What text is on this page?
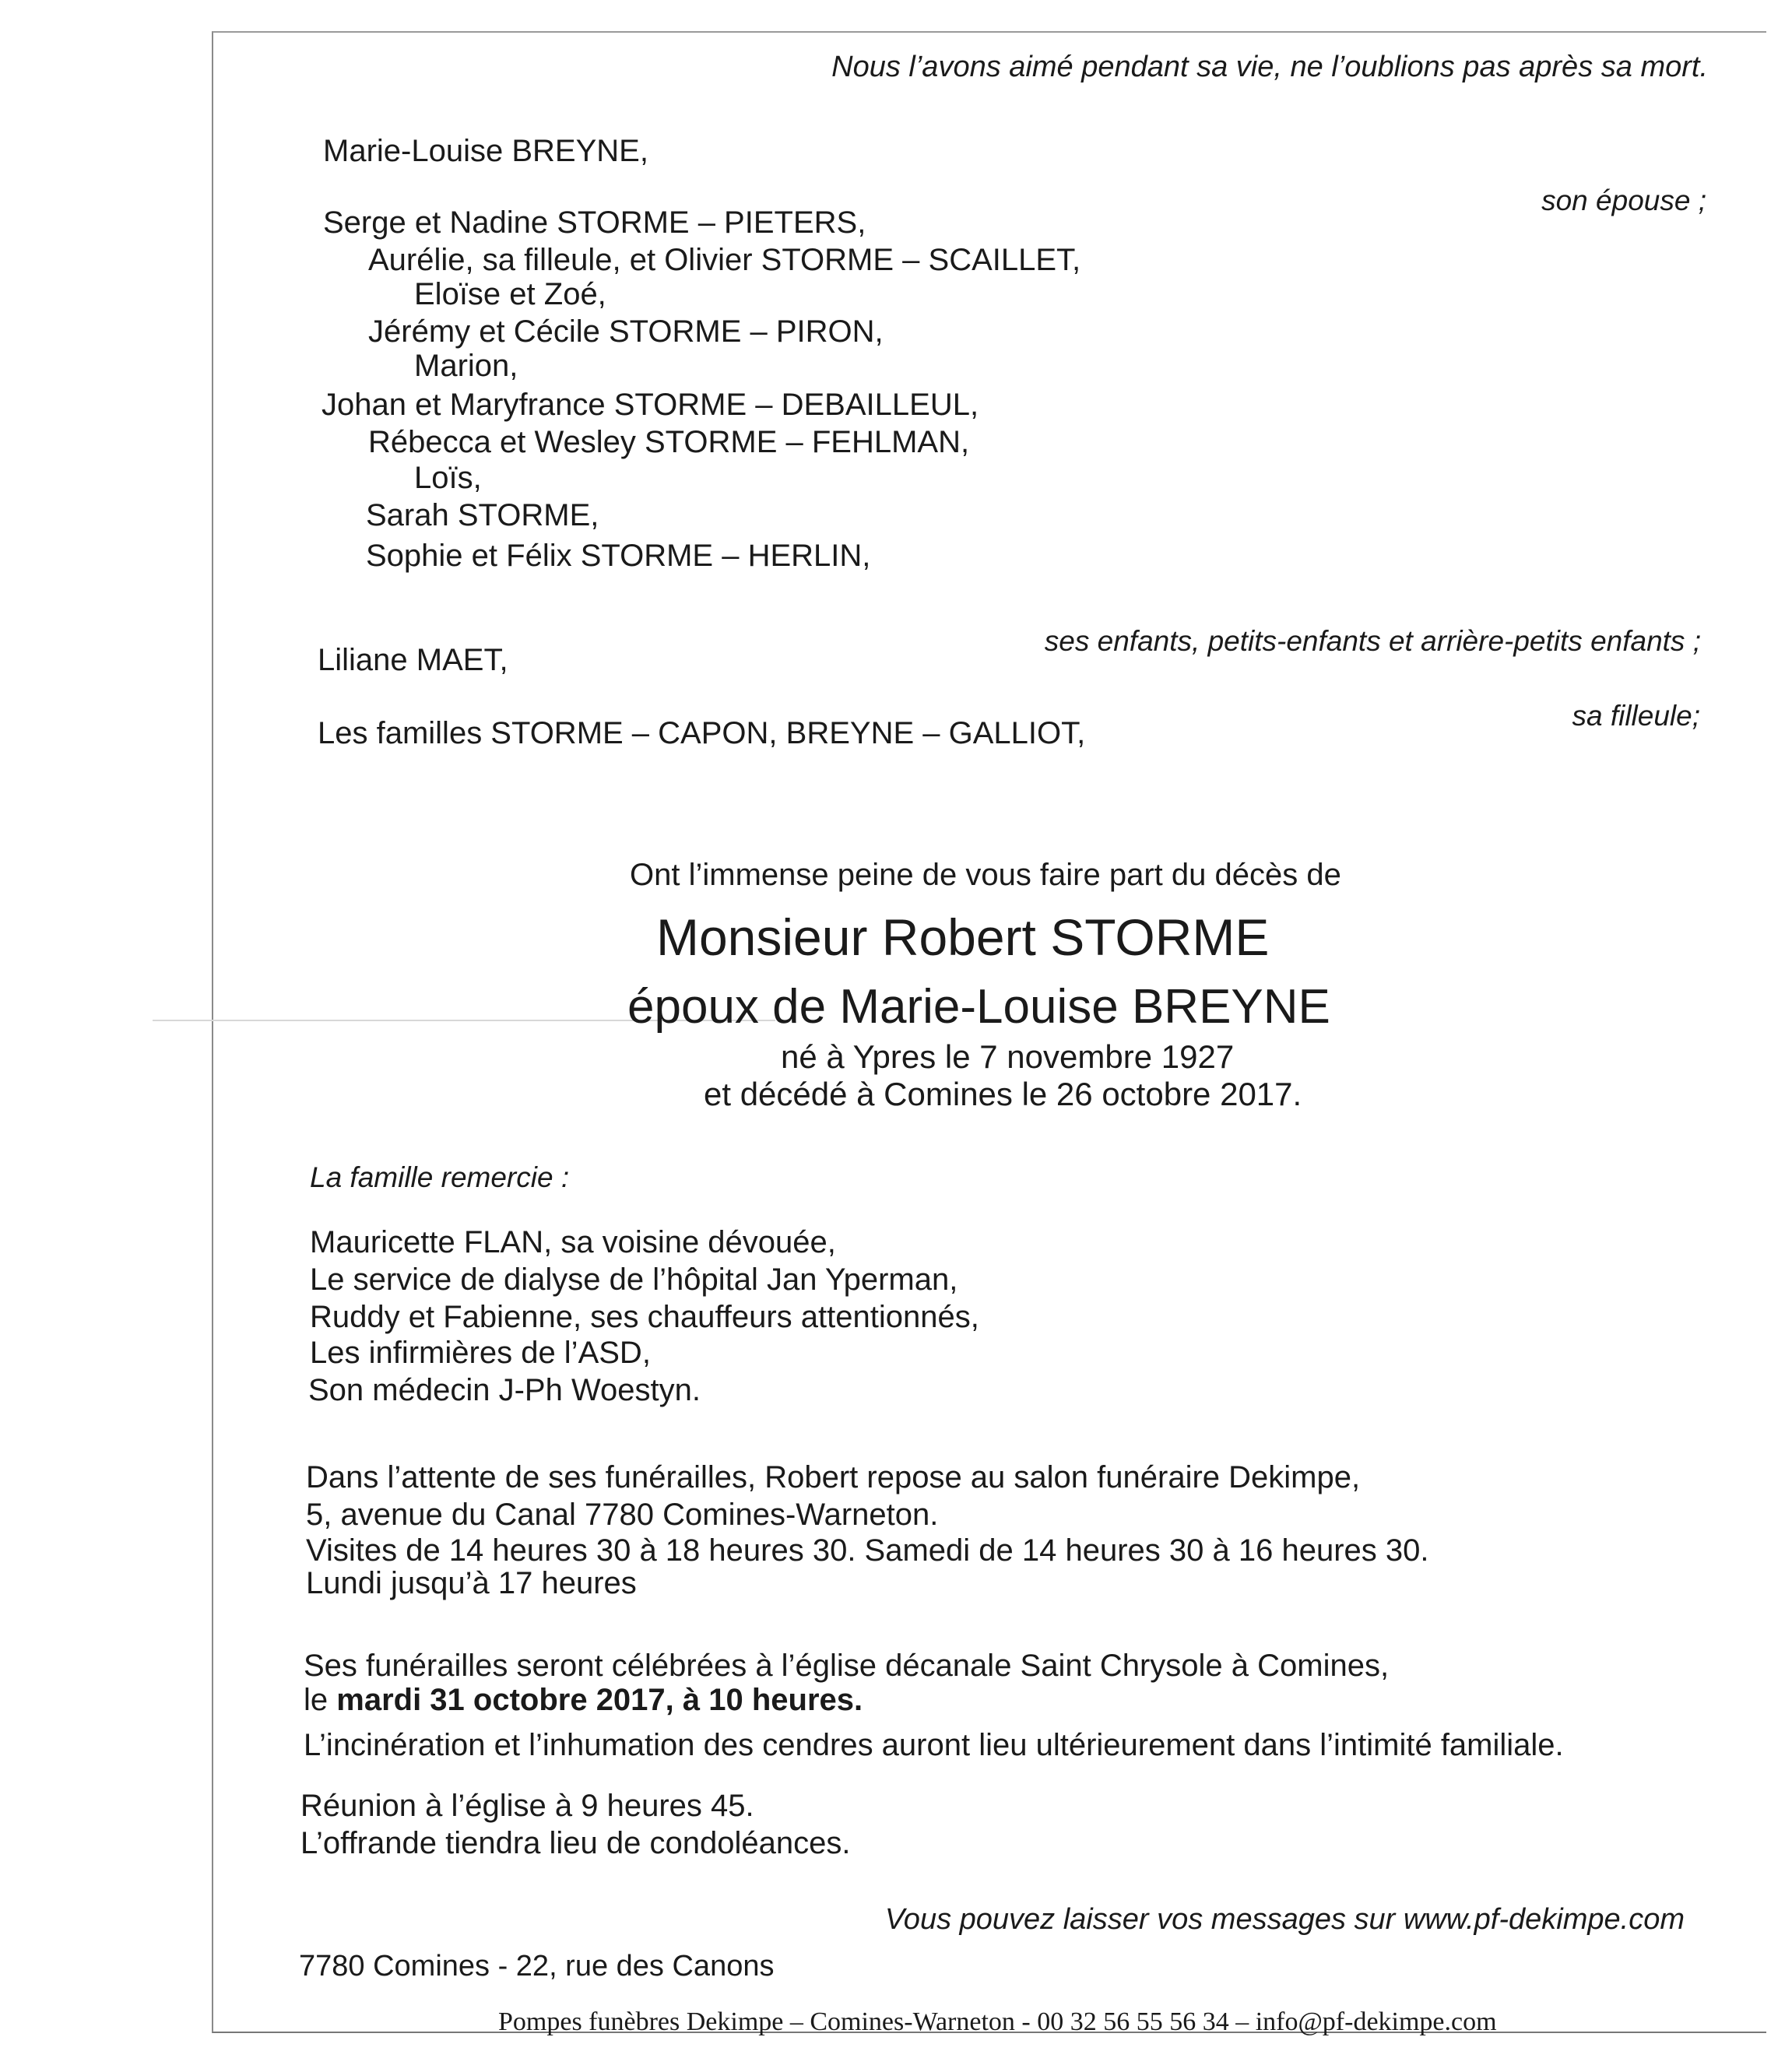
Nous l’avons aimé pendant sa vie, ne l’oublions pas après sa mort.
Marie-Louise BREYNE,
son épouse ;
Serge et Nadine STORME – PIETERS,
Aurélie, sa filleule, et Olivier STORME – SCAILLET,
Eloïse et Zoé,
Jérémy et Cécile STORME – PIRON,
Marion,
Johan et Maryfrance STORME – DEBAILLEUL,
Rébecca et Wesley STORME – FEHLMAN,
Loïs,
Sarah STORME,
Sophie et Félix STORME – HERLIN,
ses enfants, petits-enfants et arrière-petits enfants ;
Liliane MAET,
sa filleule;
Les familles STORME – CAPON, BREYNE – GALLIOT,
Ont l’immense peine de vous faire part du décès de
Monsieur Robert STORME
époux de Marie-Louise BREYNE
né à Ypres le 7 novembre 1927
et décédé à Comines le 26 octobre 2017.
La famille remercie :
Mauricette FLAN, sa voisine dévouée,
Le service de dialyse de l’hôpital Jan Yperman,
Ruddy et Fabienne, ses chauffeurs attentionnés,
Les infirmières de l’ASD,
Son médecin J-Ph Woestyn.
Dans l’attente de ses funérailles, Robert repose au salon funéraire Dekimpe,
5, avenue du Canal 7780 Comines-Warneton.
Visites de 14 heures 30 à 18 heures 30. Samedi de 14 heures 30 à 16 heures 30.
Lundi jusqu’à 17 heures
Ses funérailles seront célébrées à l’église décanale Saint Chrysole à Comines,
le mardi 31 octobre 2017, à 10 heures.
L’incinération et l’inhumation des cendres auront lieu ultérieurement dans l’intimité familiale.
Réunion à l’église à 9 heures 45.
L’offrande tiendra lieu de condoléances.
Vous pouvez laisser vos messages sur www.pf-dekimpe.com
7780 Comines - 22, rue des Canons
Pompes funèbres Dekimpe – Comines-Warneton - 00 32 56 55 56 34 – info@pf-dekimpe.com
